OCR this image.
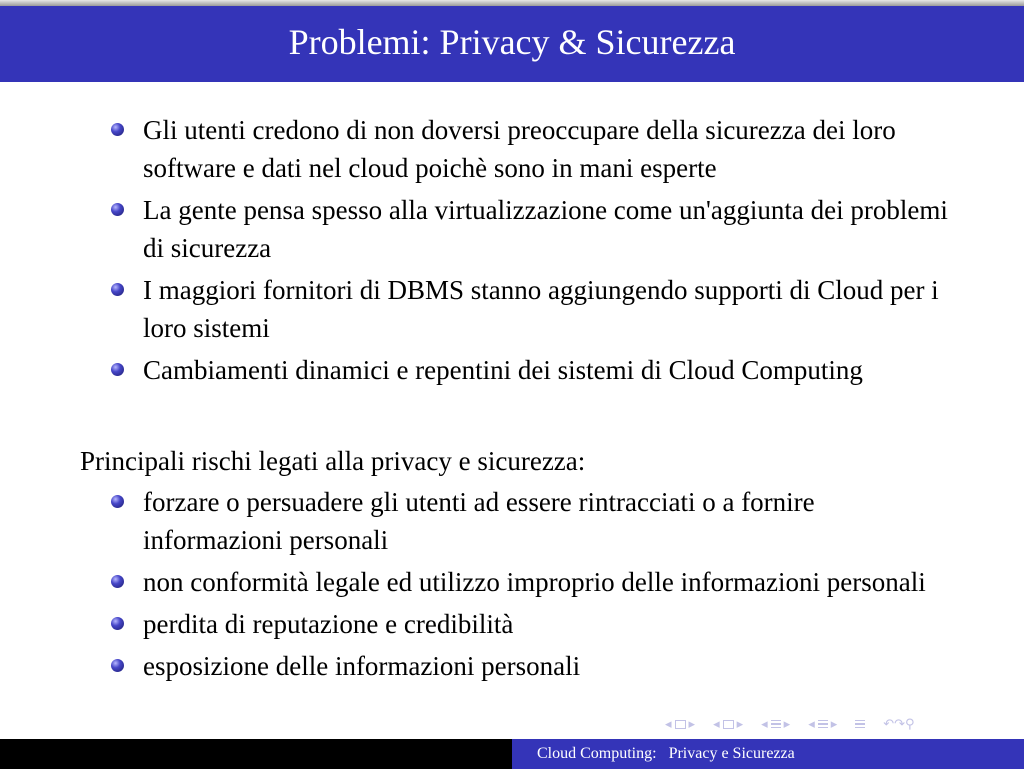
Problemi: Privacy & Sicurezza
Gli utenti credono di non doversi preoccupare della sicurezza dei loro software e dati nel cloud poichè sono in mani esperte
La gente pensa spesso alla virtualizzazione come un'aggiunta dei problemi di sicurezza
I maggiori fornitori di DBMS stanno aggiungendo supporti di Cloud per i loro sistemi
Cambiamenti dinamici e repentini dei sistemi di Cloud Computing
Principali rischi legati alla privacy e sicurezza:
forzare o persuadere gli utenti ad essere rintracciati o a fornire informazioni personali
non conformità legale ed utilizzo improprio delle informazioni personali
perdita di reputazione e credibilità
esposizione delle informazioni personali
◂ ▸ ◂ ▸ ◂ ▸ ◂ ▸	↶↷⚲
Cloud Computing: Privacy e Sicurezza
